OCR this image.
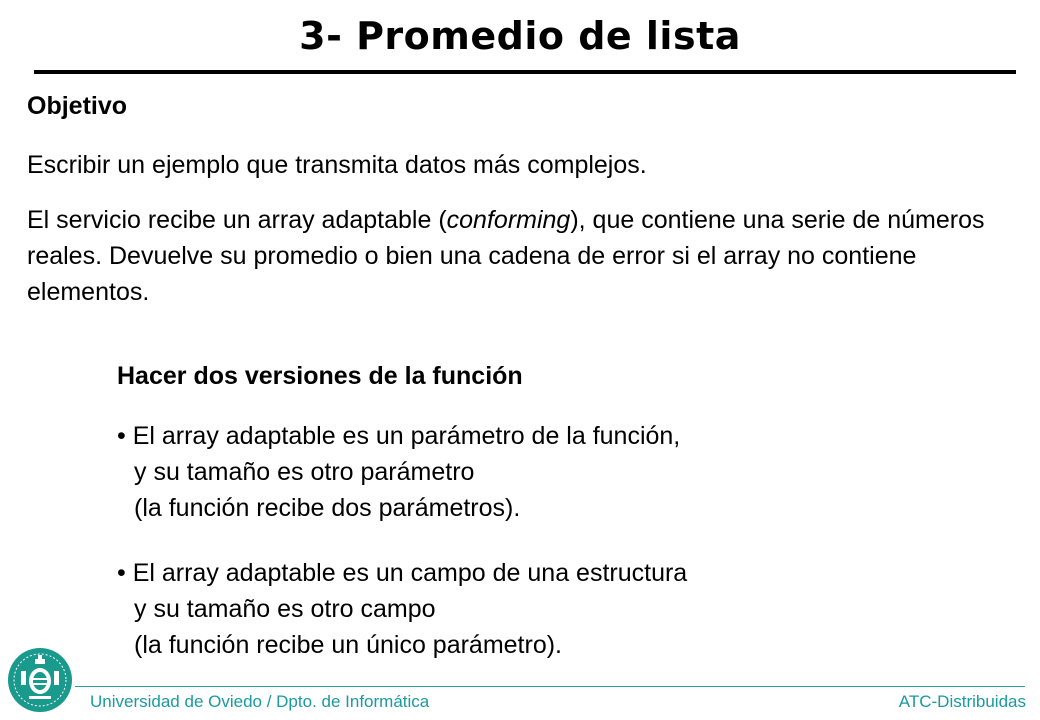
3- Promedio de lista
Objetivo
Escribir un ejemplo que transmita datos más complejos.
El servicio recibe un array adaptable (conforming), que contiene una serie de números reales. Devuelve su promedio o bien una cadena de error si el array no contiene elementos.
Hacer dos versiones de la función
• El array adaptable es un parámetro de la función,
y su tamaño es otro parámetro
(la función recibe dos parámetros).
• El array adaptable es un campo de una estructura
y su tamaño es otro campo
(la función recibe un único parámetro).
Universidad de Oviedo / Dpto. de Informática	ATC-Distribuidas
